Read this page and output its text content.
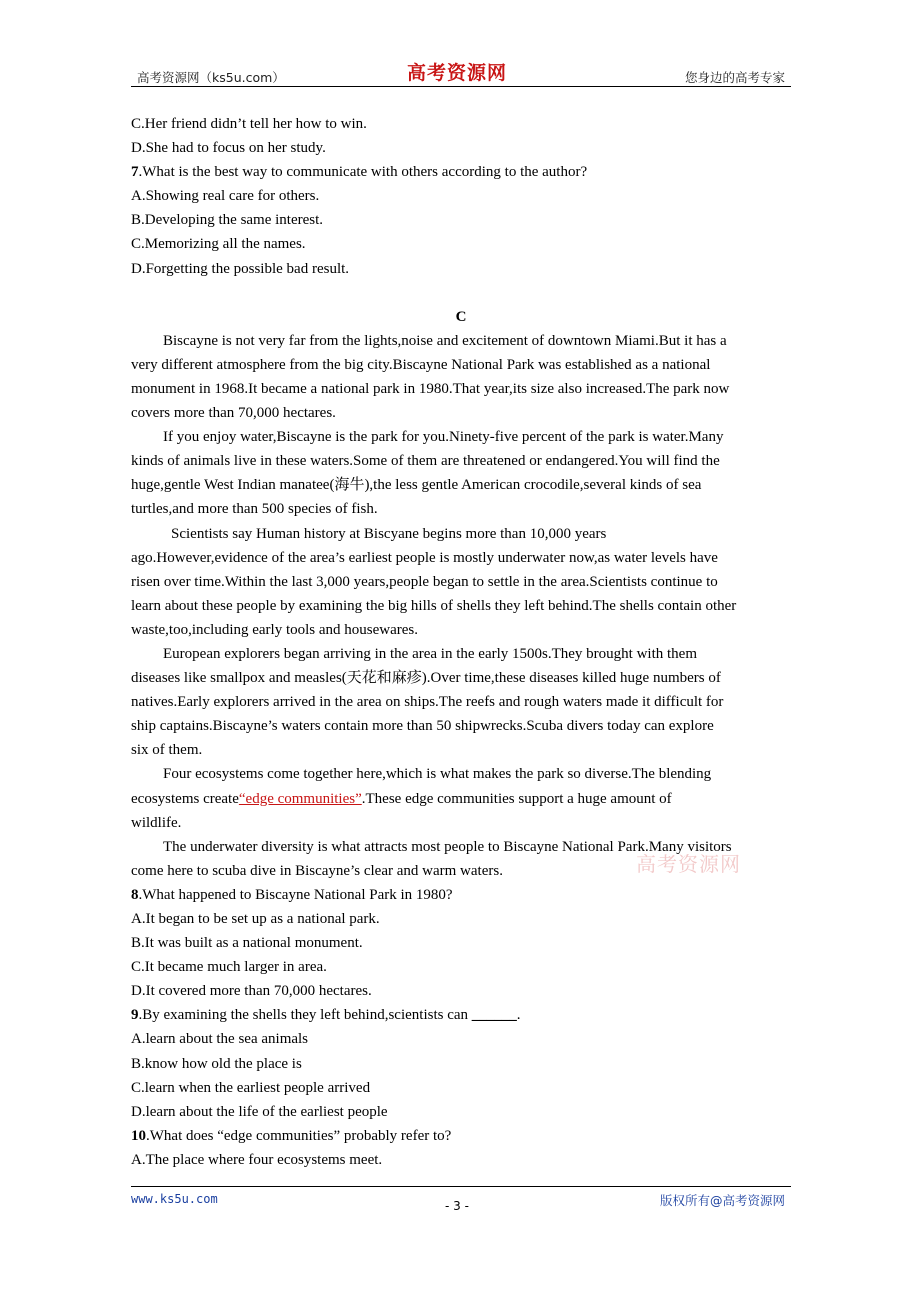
高考资源网（ks5u.com）	高考资源网	您身边的高考专家
C.Her friend didn’t tell her how to win.
D.She had to focus on her study.
7.What is the best way to communicate with others according to the author?
A.Showing real care for others.
B.Developing the same interest.
C.Memorizing all the names.
D.Forgetting the possible bad result.
C
Biscayne is not very far from the lights,noise and excitement of downtown Miami.But it has a
very different atmosphere from the big city.Biscayne National Park was established as a national
monument in 1968.It became a national park in 1980.That year,its size also increased.The park now
covers more than 70,000 hectares.
If you enjoy water,Biscayne is the park for you.Ninety-five percent of the park is water.Many
kinds of animals live in these waters.Some of them are threatened or endangered.You will find the
huge,gentle West Indian manatee(海牛),the less gentle American crocodile,several kinds of sea
turtles,and more than 500 species of fish.
Scientists say Human history at Biscyane begins more than 10,000 years
ago.However,evidence of the area’s earliest people is mostly underwater now,as water levels have
risen over time.Within the last 3,000 years,people began to settle in the area.Scientists continue to
learn about these people by examining the big hills of shells they left behind.The shells contain other
waste,too,including early tools and housewares.
European explorers began arriving in the area in the early 1500s.They brought with them
diseases like smallpox and measles(天花和麻疹).Over time,these diseases killed huge numbers of
natives.Early explorers arrived in the area on ships.The reefs and rough waters made it difficult for
ship captains.Biscayne’s waters contain more than 50 shipwrecks.Scuba divers today can explore
six of them.
Four ecosystems come together here,which is what makes the park so diverse.The blending
ecosystems create“edge communities”.These edge communities support a huge amount of
wildlife.
The underwater diversity is what attracts most people to Biscayne National Park.Many visitors
come here to scuba dive in Biscayne’s clear and warm waters.
8.What happened to Biscayne National Park in 1980?
A.It began to be set up as a national park.
B.It was built as a national monument.
C.It became much larger in area.
D.It covered more than 70,000 hectares.
9.By examining the shells they left behind,scientists can ______.
A.learn about the sea animals
B.know how old the place is
C.learn when the earliest people arrived
D.learn about the life of the earliest people
10.What does “edge communities” probably refer to?
A.The place where four ecosystems meet.
高考资源网
www.ks5u.com	- 3 -	版权所有@高考资源网
